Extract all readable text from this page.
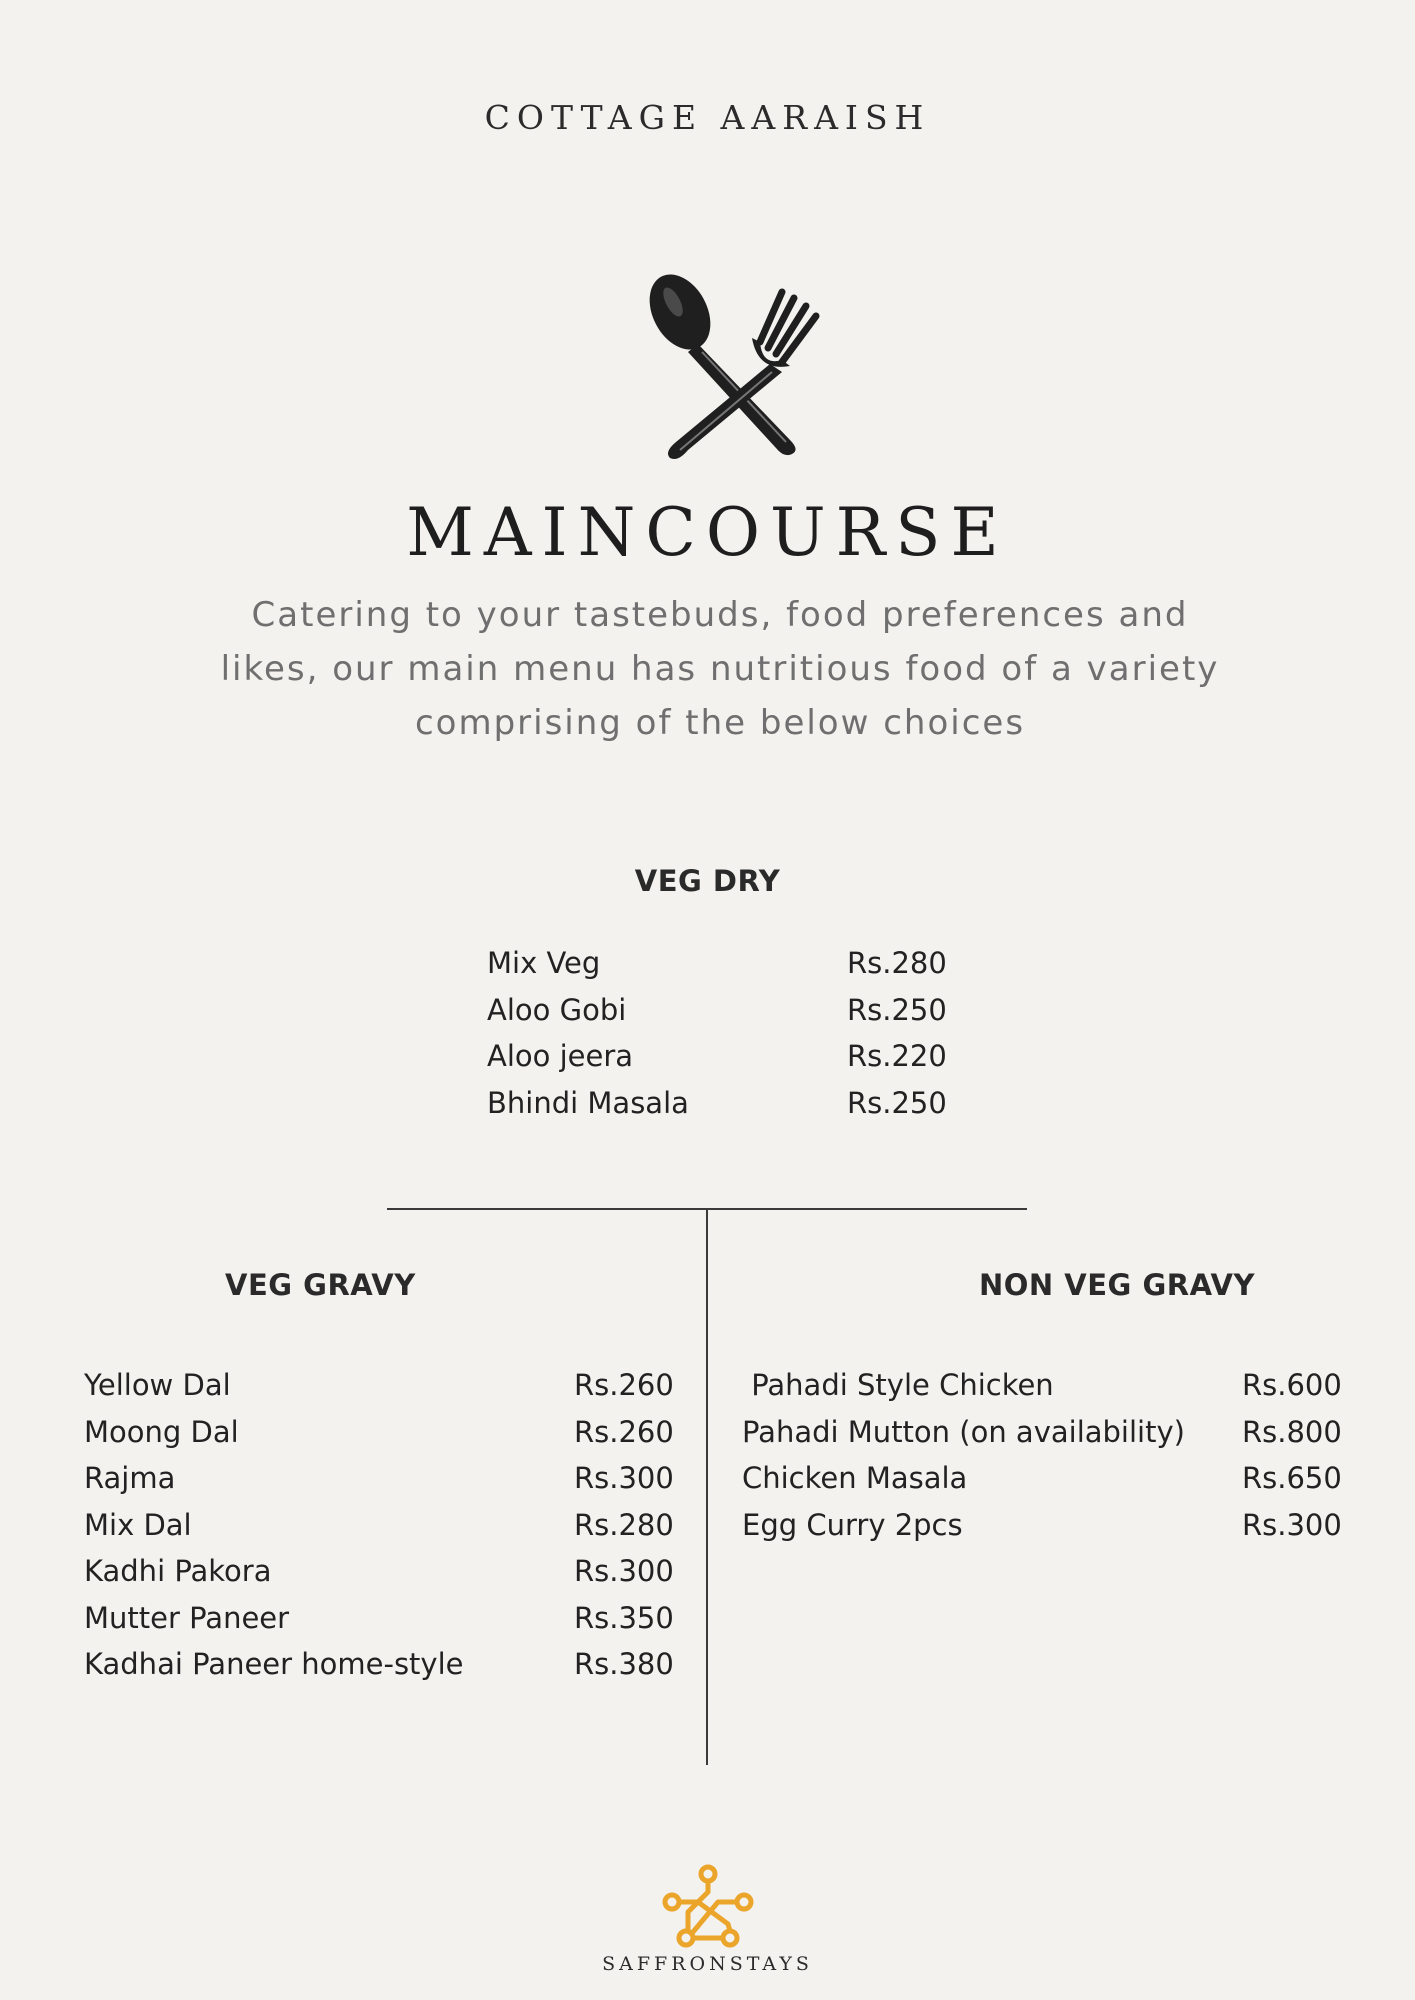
COTTAGE AARAISH
MAINCOURSE
Catering to your tastebuds, food preferences and likes, our main menu has nutritious food of a variety comprising of the below choices
VEG DRY
Mix Veg	Rs.280
Aloo Gobi	Rs.250
Aloo jeera	Rs.220
Bhindi Masala	Rs.250
VEG GRAVY
Yellow Dal	Rs.260
Moong Dal	Rs.260
Rajma	Rs.300
Mix Dal	Rs.280
Kadhi Pakora	Rs.300
Mutter Paneer	Rs.350
Kadhai Paneer home-style	Rs.380
NON VEG GRAVY
Pahadi Style Chicken	Rs.600
Pahadi Mutton (on availability) Rs.800
Chicken Masala	Rs.650
Egg Curry 2pcs	Rs.300
SAFFRONSTAYS
